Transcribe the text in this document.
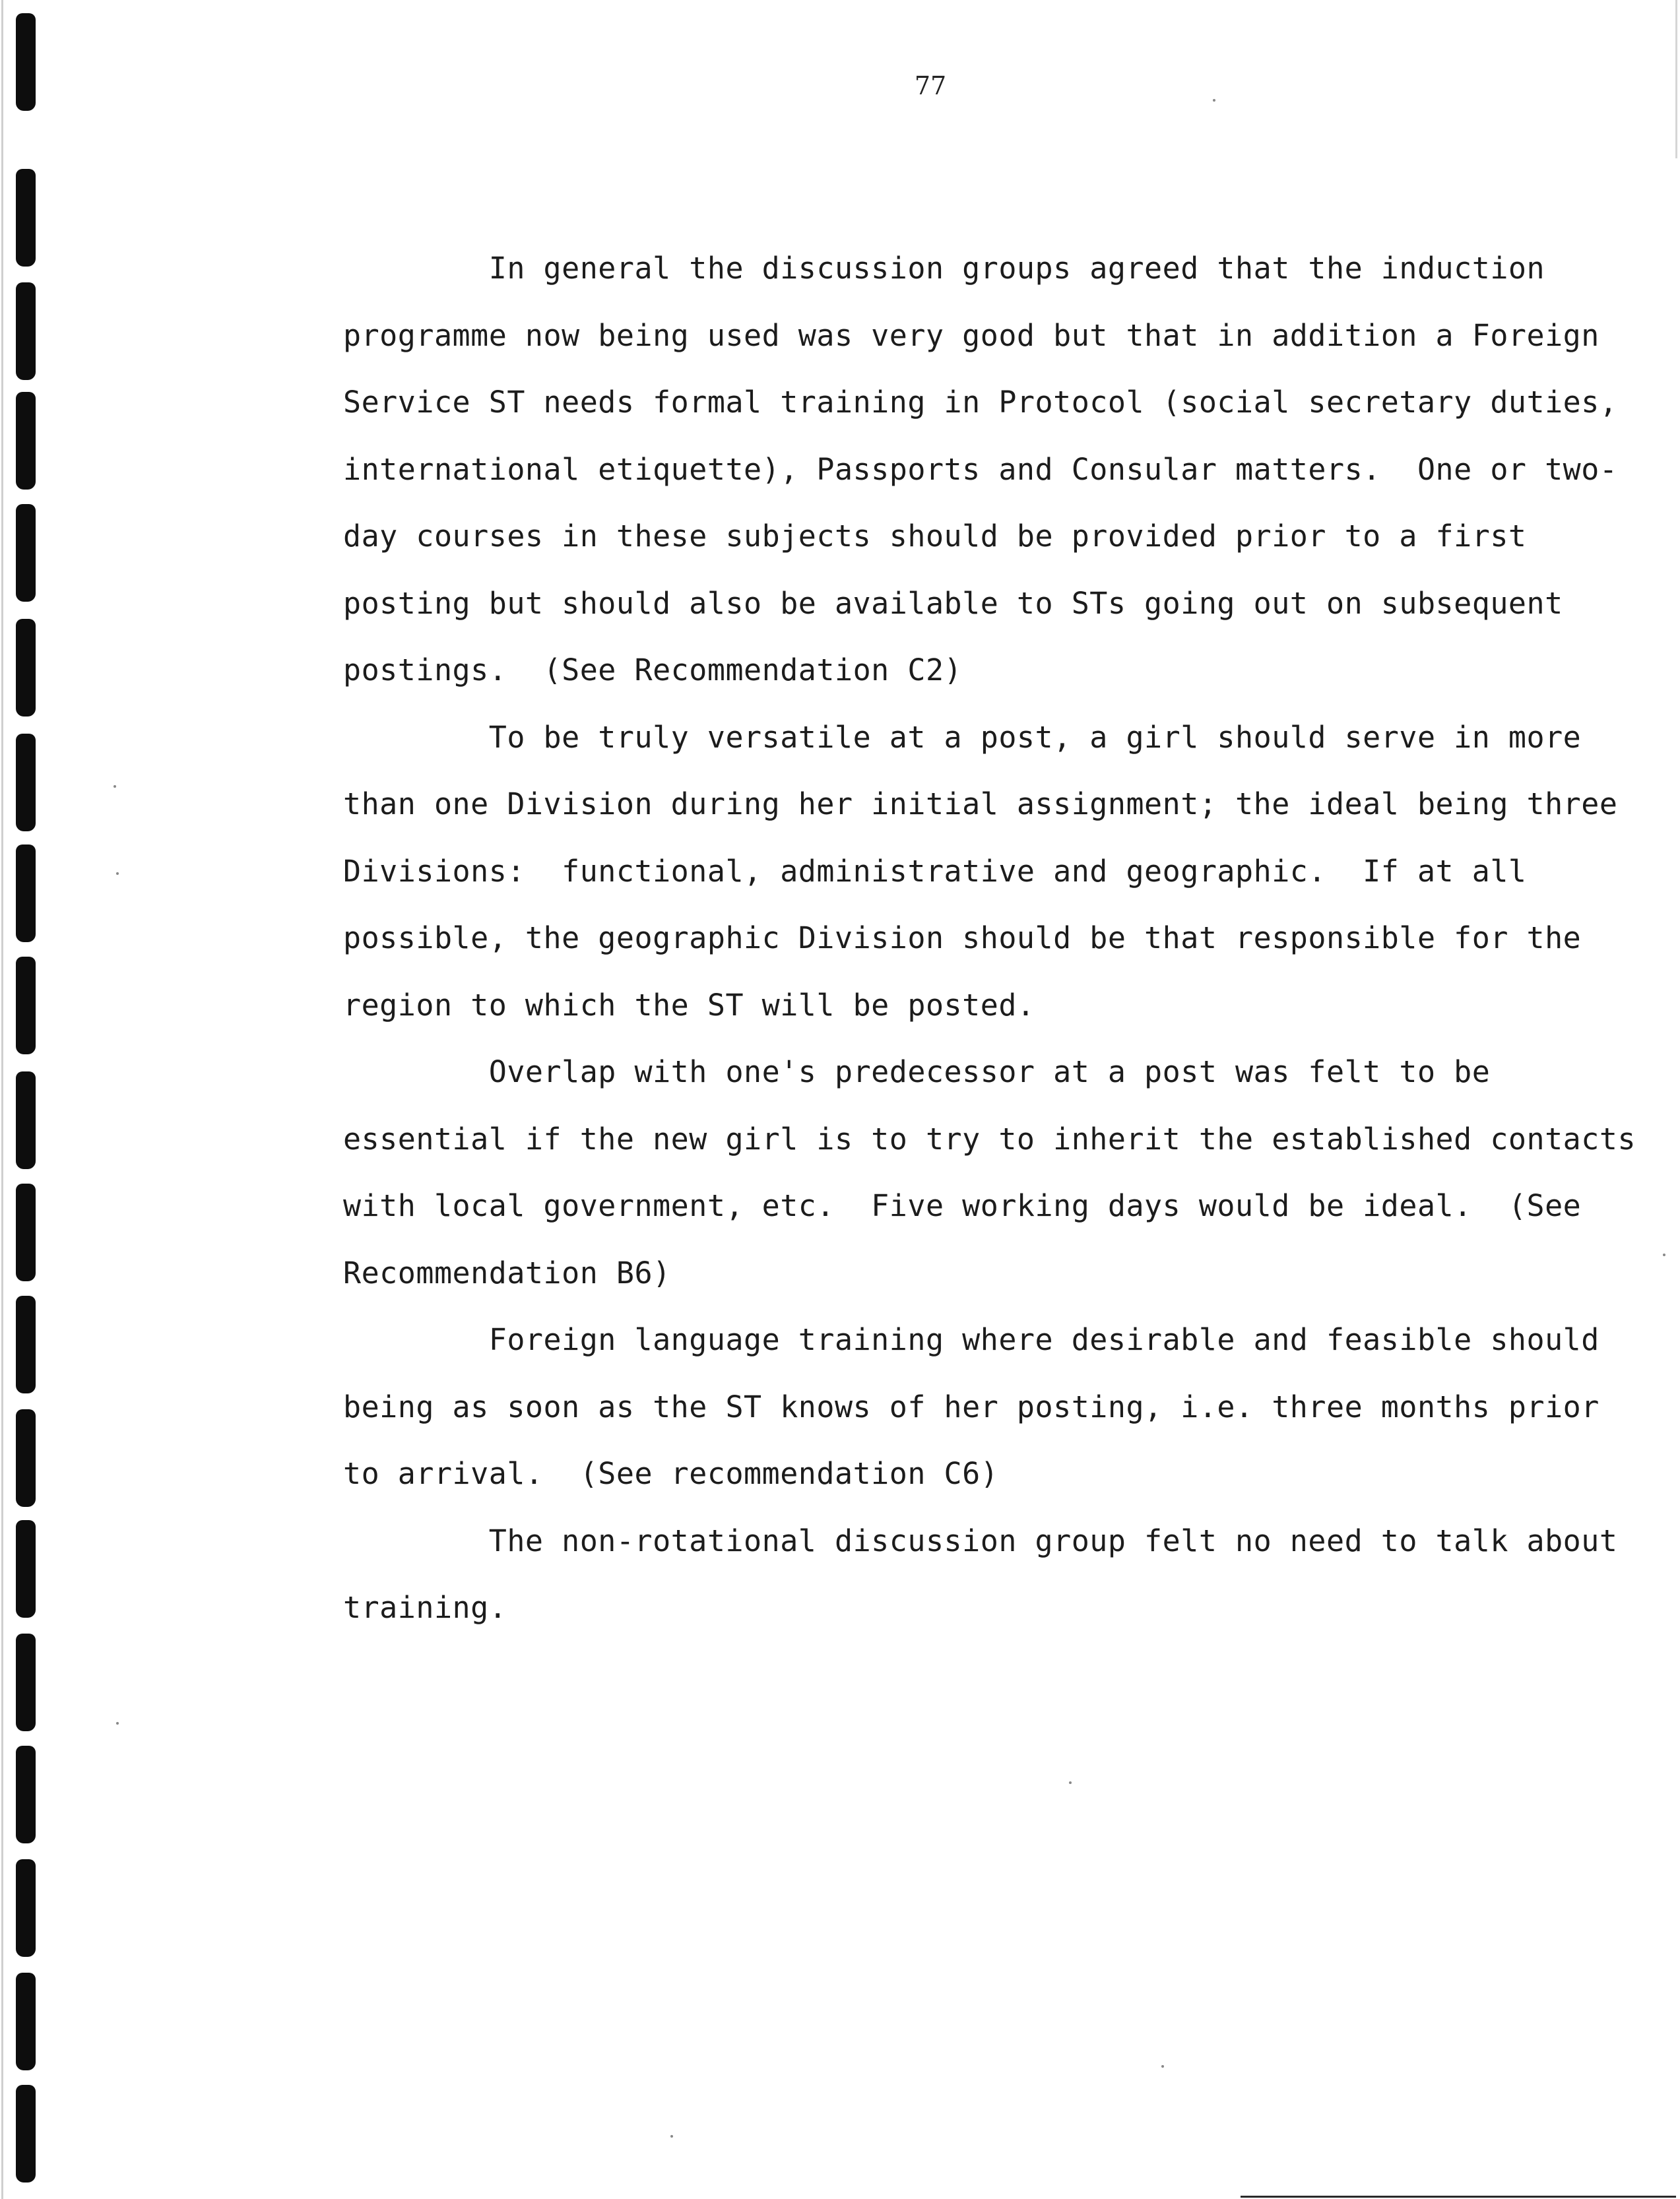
77

In general the discussion groups agreed that the induction
programme now being used was very good but that in addition a Foreign
Service ST needs formal training in Protocol (social secretary duties,
international etiquette), Passports and Consular matters.  One or two-
day courses in these subjects should be provided prior to a first
posting but should also be available to STs going out on subsequent
postings.  (See Recommendation C2)

To be truly versatile at a post, a girl should serve in more
than one Division during her initial assignment; the ideal being three
Divisions:  functional, administrative and geographic.  If at all
possible, the geographic Division should be that responsible for the
region to which the ST will be posted.

Overlap with one's predecessor at a post was felt to be
essential if the new girl is to try to inherit the established contacts
with local government, etc.  Five working days would be ideal.  (See
Recommendation B6)

Foreign language training where desirable and feasible should
being as soon as the ST knows of her posting, i.e. three months prior
to arrival.  (See recommendation C6)

The non-rotational discussion group felt no need to talk about
training.
